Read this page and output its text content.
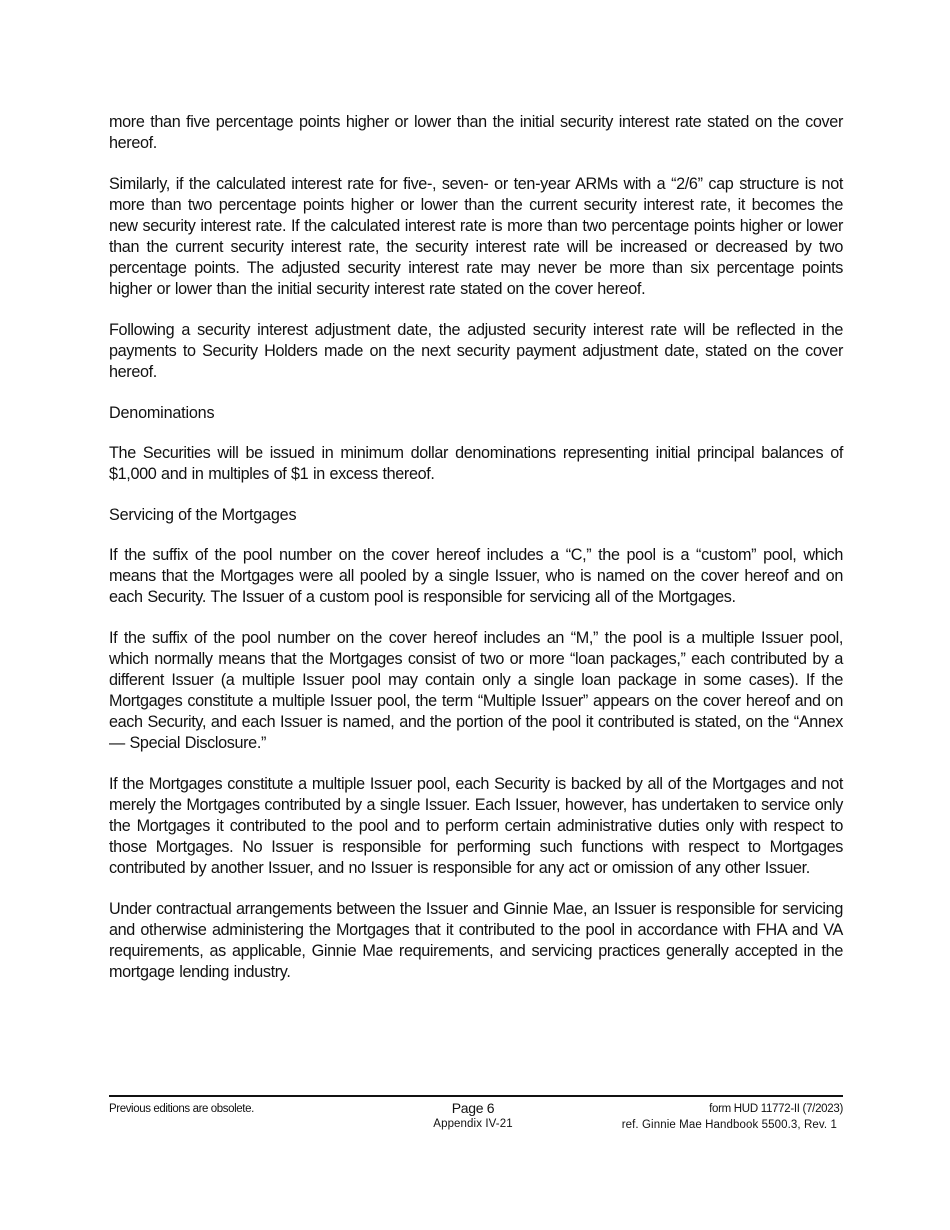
more than five percentage points higher or lower than the initial security interest rate stated on the cover hereof.

Similarly, if the calculated interest rate for five-, seven- or ten-year ARMs with a “2/6” cap structure is not more than two percentage points higher or lower than the current security interest rate, it becomes the new security interest rate. If the calculated interest rate is more than two percentage points higher or lower than the current security interest rate, the security interest rate will be increased or decreased by two percentage points. The adjusted security interest rate may never be more than six percentage points higher or lower than the initial security interest rate stated on the cover hereof.

Following a security interest adjustment date, the adjusted security interest rate will be reflected in the payments to Security Holders made on the next security payment adjustment date, stated on the cover hereof.

Denominations

The Securities will be issued in minimum dollar denominations representing initial principal balances of $1,000 and in multiples of $1 in excess thereof.

Servicing of the Mortgages

If the suffix of the pool number on the cover hereof includes a “C,” the pool is a “custom” pool, which means that the Mortgages were all pooled by a single Issuer, who is named on the cover hereof and on each Security. The Issuer of a custom pool is responsible for servicing all of the Mortgages.

If the suffix of the pool number on the cover hereof includes an “M,” the pool is a multiple Issuer pool, which normally means that the Mortgages consist of two or more “loan packages,” each contributed by a different Issuer (a multiple Issuer pool may contain only a single loan package in some cases). If the Mortgages constitute a multiple Issuer pool, the term “Multiple Issuer” appears on the cover hereof and on each Security, and each Issuer is named, and the portion of the pool it contributed is stated, on the “Annex — Special Disclosure.”

If the Mortgages constitute a multiple Issuer pool, each Security is backed by all of the Mortgages and not merely the Mortgages contributed by a single Issuer. Each Issuer, however, has undertaken to service only the Mortgages it contributed to the pool and to perform certain administrative duties only with respect to those Mortgages. No Issuer is responsible for performing such functions with respect to Mortgages contributed by another Issuer, and no Issuer is responsible for any act or omission of any other Issuer.

Under contractual arrangements between the Issuer and Ginnie Mae, an Issuer is responsible for servicing and otherwise administering the Mortgages that it contributed to the pool in accordance with FHA and VA requirements, as applicable, Ginnie Mae requirements, and servicing practices generally accepted in the mortgage lending industry.

Previous editions are obsolete.	Page 6
Appendix IV-21
form HUD 11772-II (7/2023)
ref. Ginnie Mae Handbook 5500.3, Rev. 1
